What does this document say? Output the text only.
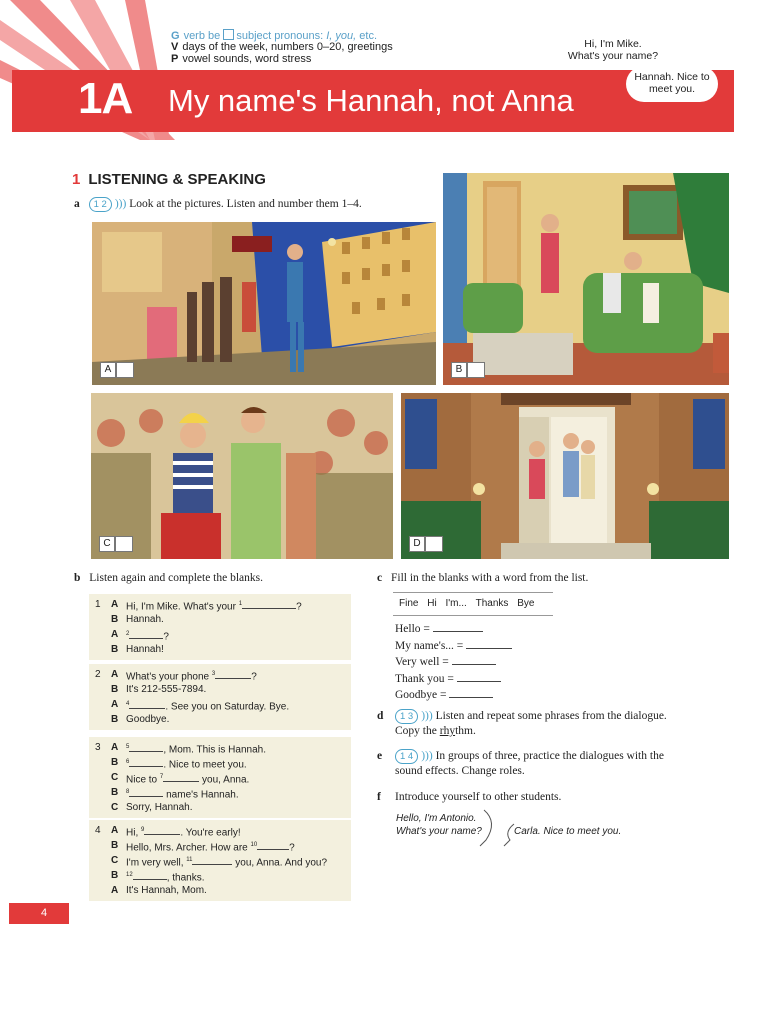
G verb be subject pronouns: I, you, etc.
V days of the week, numbers 0–20, greetings
P vowel sounds, word stress
Hi, I'm Mike.
What's your name?
Hannah. Nice to
meet you.
1A My name's Hannah, not Anna
1 LISTENING & SPEAKING
a 1 2 ))) Look at the pictures. Listen and number them 1–4.
A	B
C	D
b Listen again and complete the blanks.
1 A Hi, I'm Mike. What's your $^1$	?
B Hannah.
A $^2$	?
B Hannah!
2 A What's your phone $^3$	?
B It's 212-555-7894.
A $^4$	. See you on Saturday. Bye.
B Goodbye.
3 A $^5$	, Mom. This is Hannah.
B $^6$	. Nice to meet you.
C Nice to $^7$	you, Anna.
B $^8$	name's Hannah.
C Sorry, Hannah.
4 A Hi, $^9$	. You're early!
B Hello, Mrs. Archer. How are $^{10}$	?
C I'm very well, $^{11}$	you, Anna. And you?
B $^{12}$	, thanks.
A It's Hannah, Mom.
c Fill in the blanks with a word from the list.
Fine Hi I'm... Thanks Bye
Hello =
My name's... =
Very well =
Thank you =
Goodbye =
d	1 3 ))) Listen and repeat some phrases from the dialogue.
Copy the rhythm.
e	1 4 ))) In groups of three, practice the dialogues with the
sound effects. Change roles.
f Introduce yourself to other students.
Hello, I'm Antonio.
What's your name?	Carla. Nice to meet you.
4
